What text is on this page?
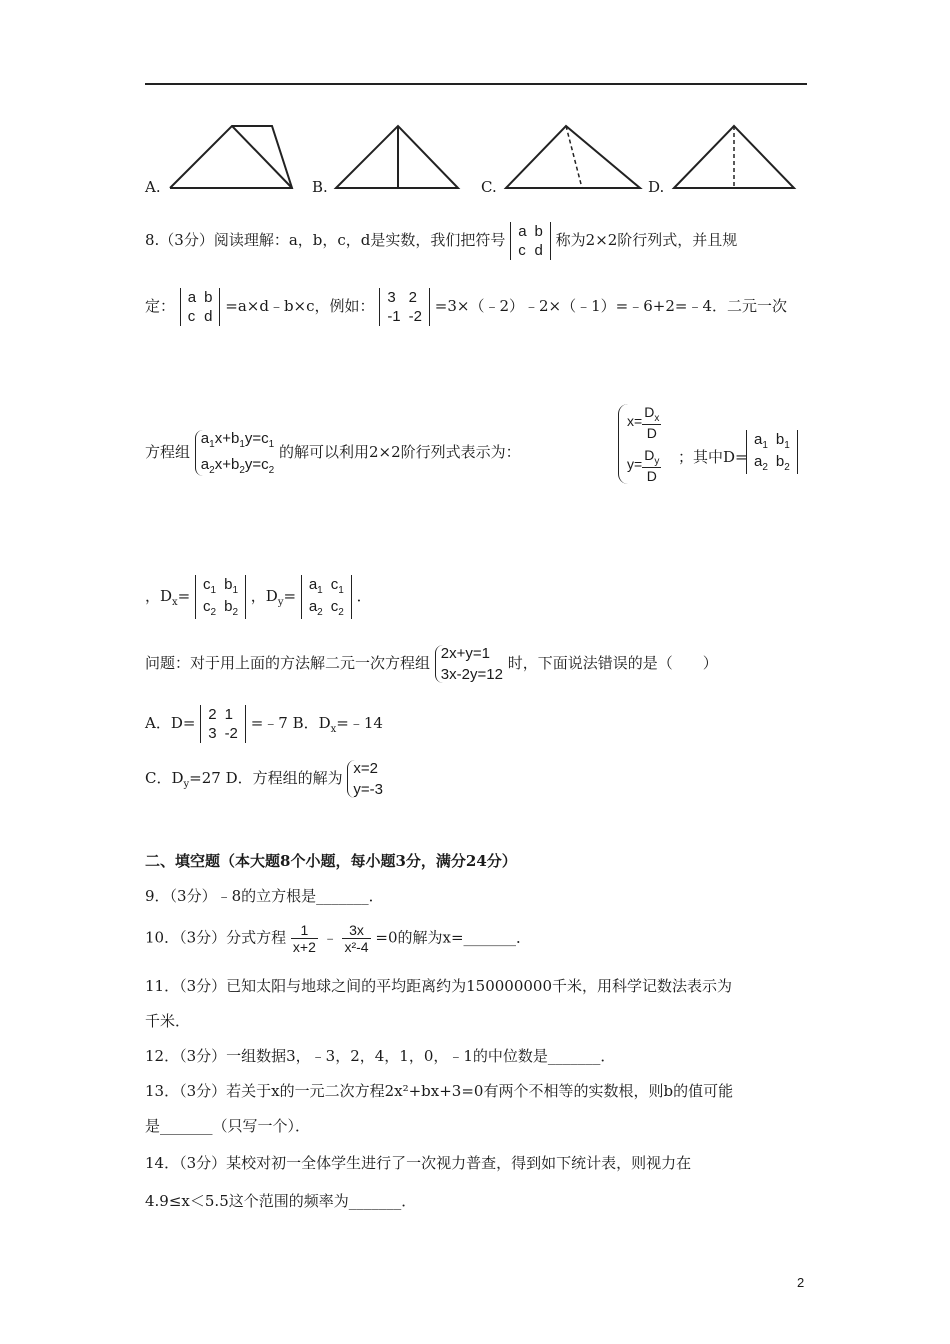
A.	B.	C.	D.
8.（3分）阅读理解：a，b，c，d是实数，我们把符号 a	b
c	d
称为2×2阶行列式，并且规
定： a	b
c	d
=a×d﹣b×c，例如： 3	2
-1	-2
=3×（﹣2）﹣2×（﹣1）=﹣6+2=﹣4．二元一次
方程组
$a_1x+b_1y=c_1$
$a_2x+b_2y=c_2$
的解可以利用2×2阶行列式表示为：
$x= \frac{D_x}{D}$
$y= \frac{D_y}{D}$ ；其中D=
$a_1$	$b_1$
$a_2$	$b_2$
，$D_x=$
$c_1$	$b_1$
$c_2$	$b_2$
，$D_y=$
$a_1$	$c_1$
$a_2$	$c_2$
．
问题：对于用上面的方法解二元一次方程组
2x+y=1
3x-2y=12
时，下面说法错误的是（　　）
A．D= 2	1
3	-2
=﹣7 B．$D_x=﹣14$
C．$D_y=27$ D．方程组的解为
x=2
y=-3
二、填空题（本大题8个小题，每小题3分，满分24分）
9．（3分）﹣8的立方根是_______．
10．（3分）分式方程 $\frac{1}{x+2}$ ﹣ $\frac{3x}{\text{x²-4}} =0$的解为x=_______．
11．（3分）已知太阳与地球之间的平均距离约为150000000千米，用科学记数法表示为
千米．
12．（3分）一组数据3，﹣3，2，4，1，0，﹣1的中位数是_______．
13．（3分）若关于x的一元二次方程2x²+bx+3=0有两个不相等的实数根，则b的值可能
是_______（只写一个）．
14．（3分）某校对初一全体学生进行了一次视力普查，得到如下统计表，则视力在
4.9≤x＜5.5这个范围的频率为_______．
2
